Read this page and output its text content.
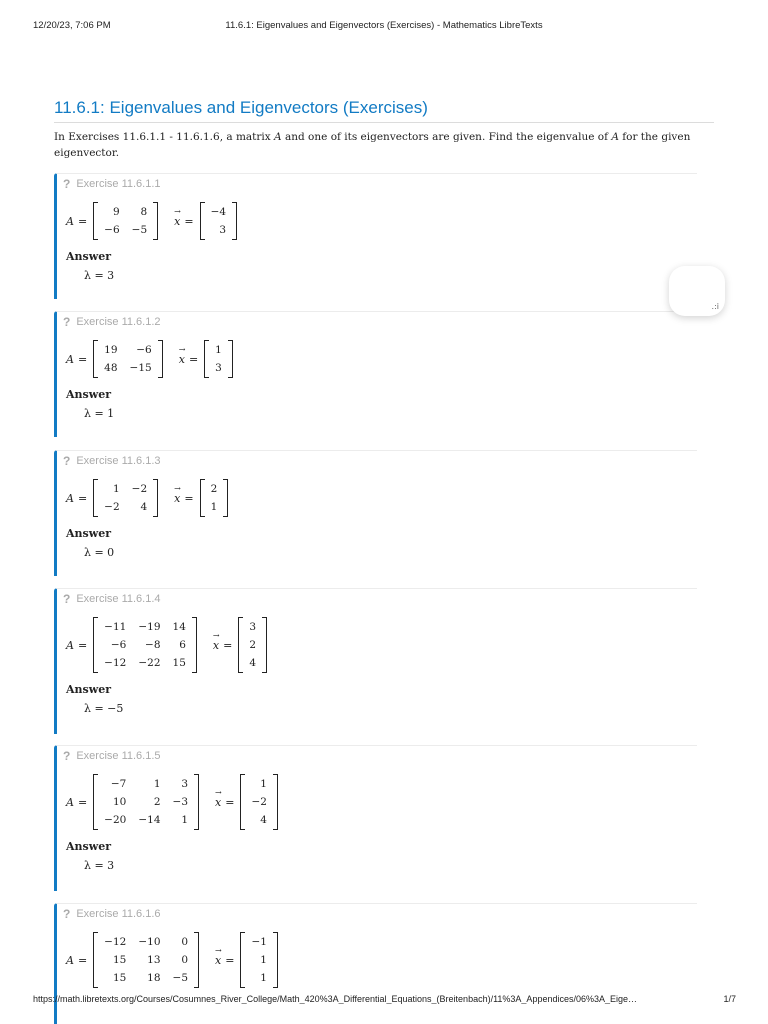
12/20/23, 7:06 PM	11.6.1: Eigenvalues and Eigenvectors (Exercises) - Mathematics LibreTexts
11.6.1: Eigenvalues and Eigenvectors (Exercises)

In Exercises 11.6.1.1 - 11.6.1.6, a matrix A and one of its eigenvectors are given. Find the eigenvalue of A for the given eigenvector.

? Exercise 11.6.1.1
A =
9	8
−6	−5
→
x =
−4
3
Answer
λ = 3
? Exercise 11.6.1.2
A =
19	−6
48	−15
→
x =
1
3
Answer
λ = 1
? Exercise 11.6.1.3
A =
1	−2
−2	4
→
x =
2
1
Answer
λ = 0
? Exercise 11.6.1.4
A =
−11	−19	14
−6	−8	6
−12	−22	15
→
x =
3
2
4
Answer
λ = −5
? Exercise 11.6.1.5
A =
−7	1	3
10	2	−3
−20	−14	1
→
x =
1
−2
4
Answer
λ = 3
? Exercise 11.6.1.6
A =
−12	−10	0
15	13	0
15	18	−5
→
x =
−1
1
1
.:i
https://math.libretexts.org/Courses/Cosumnes_River_College/Math_420%3A_Differential_Equations_(Breitenbach)/11%3A_Appendices/06%3A_Eige…	1/7
